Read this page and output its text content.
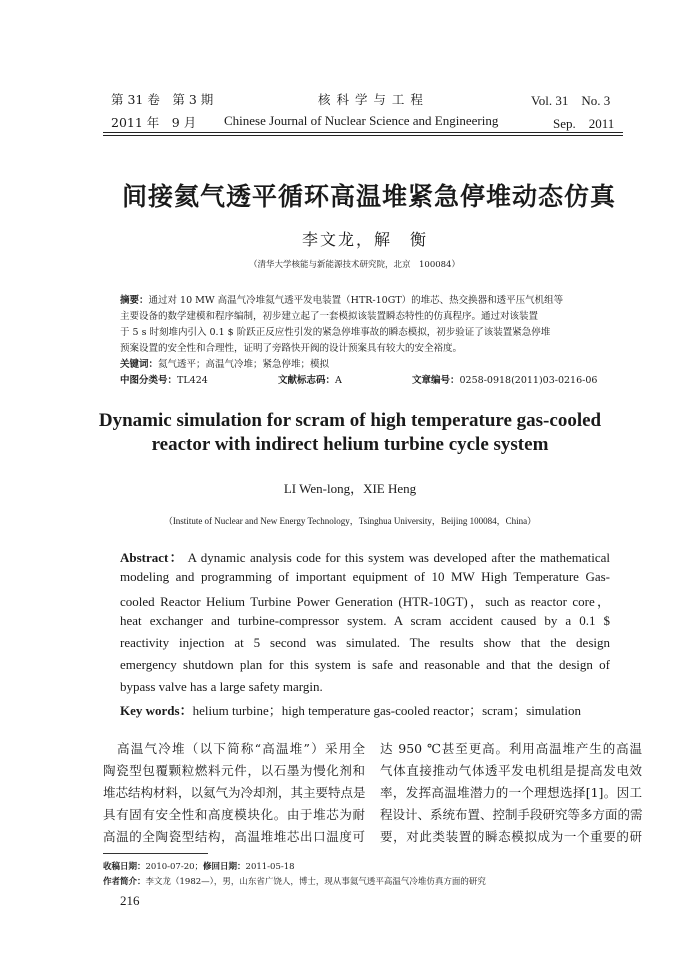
第 31 卷　第 3 期	核 科 学 与 工 程	Vol. 31　No. 3
2011 年　9 月 Chinese Journal of Nuclear Science and Engineering	Sep.　2011
间接氦气透平循环高温堆紧急停堆动态仿真
李文龙，解　衡
（清华大学核能与新能源技术研究院，北京　100084）
摘要：通过对 10 MW 高温气冷堆氦气透平发电装置（HTR-10GT）的堆芯、热交换器和透平压气机组等
主要设备的数学建模和程序编制，初步建立起了一套模拟该装置瞬态特性的仿真程序。通过对该装置
于 5 s 时刻堆内引入 0.1 $ 阶跃正反应性引发的紧急停堆事故的瞬态模拟，初步验证了该装置紧急停堆
预案设置的安全性和合理性，证明了旁路快开阀的设计预案具有较大的安全裕度。
关键词：氦气透平；高温气冷堆；紧急停堆；模拟
中图分类号：TL424	文献标志码：A	文章编号：0258-0918(2011)03-0216-06
Dynamic simulation for scram of high temperature gas-cooled
reactor with indirect helium turbine cycle system
LI Wen-long，XIE Heng
（Institute of Nuclear and New Energy Technology，Tsinghua University，Beijing 100084，China）
Abstract： A dynamic analysis code for this system was developed after the mathematical
modeling and programming of important equipment of 10 MW High Temperature Gas-
cooled Reactor Helium Turbine Power Generation (HTR-10GT)，such as reactor core，
heat exchanger and turbine-compressor system. A scram accident caused by a 0.1 $
reactivity injection at 5 second was simulated. The results show that the design
emergency shutdown plan for this system is safe and reasonable and that the design of
bypass valve has a large safety margin.
Key words：helium turbine；high temperature gas-cooled reactor；scram；simulation
高温气冷堆（以下简称“高温堆”）采用全
陶瓷型包覆颗粒燃料元件，以石墨为慢化剂和
堆芯结构材料，以氦气为冷却剂，其主要特点是
具有固有安全性和高度模块化。由于堆芯为耐
高温的全陶瓷型结构，高温堆堆芯出口温度可
达 950 ℃甚至更高。利用高温堆产生的高温
气体直接推动气体透平发电机组是提高发电效
率，发挥高温堆潜力的一个理想选择[1]。因工
程设计、系统布置、控制手段研究等多方面的需
要，对此类装置的瞬态模拟成为一个重要的研
收稿日期：2010-07-20；修回日期：2011-05-18
作者简介：李文龙（1982—），男，山东省广饶人，博士，现从事氦气透平高温气冷堆仿真方面的研究
216
